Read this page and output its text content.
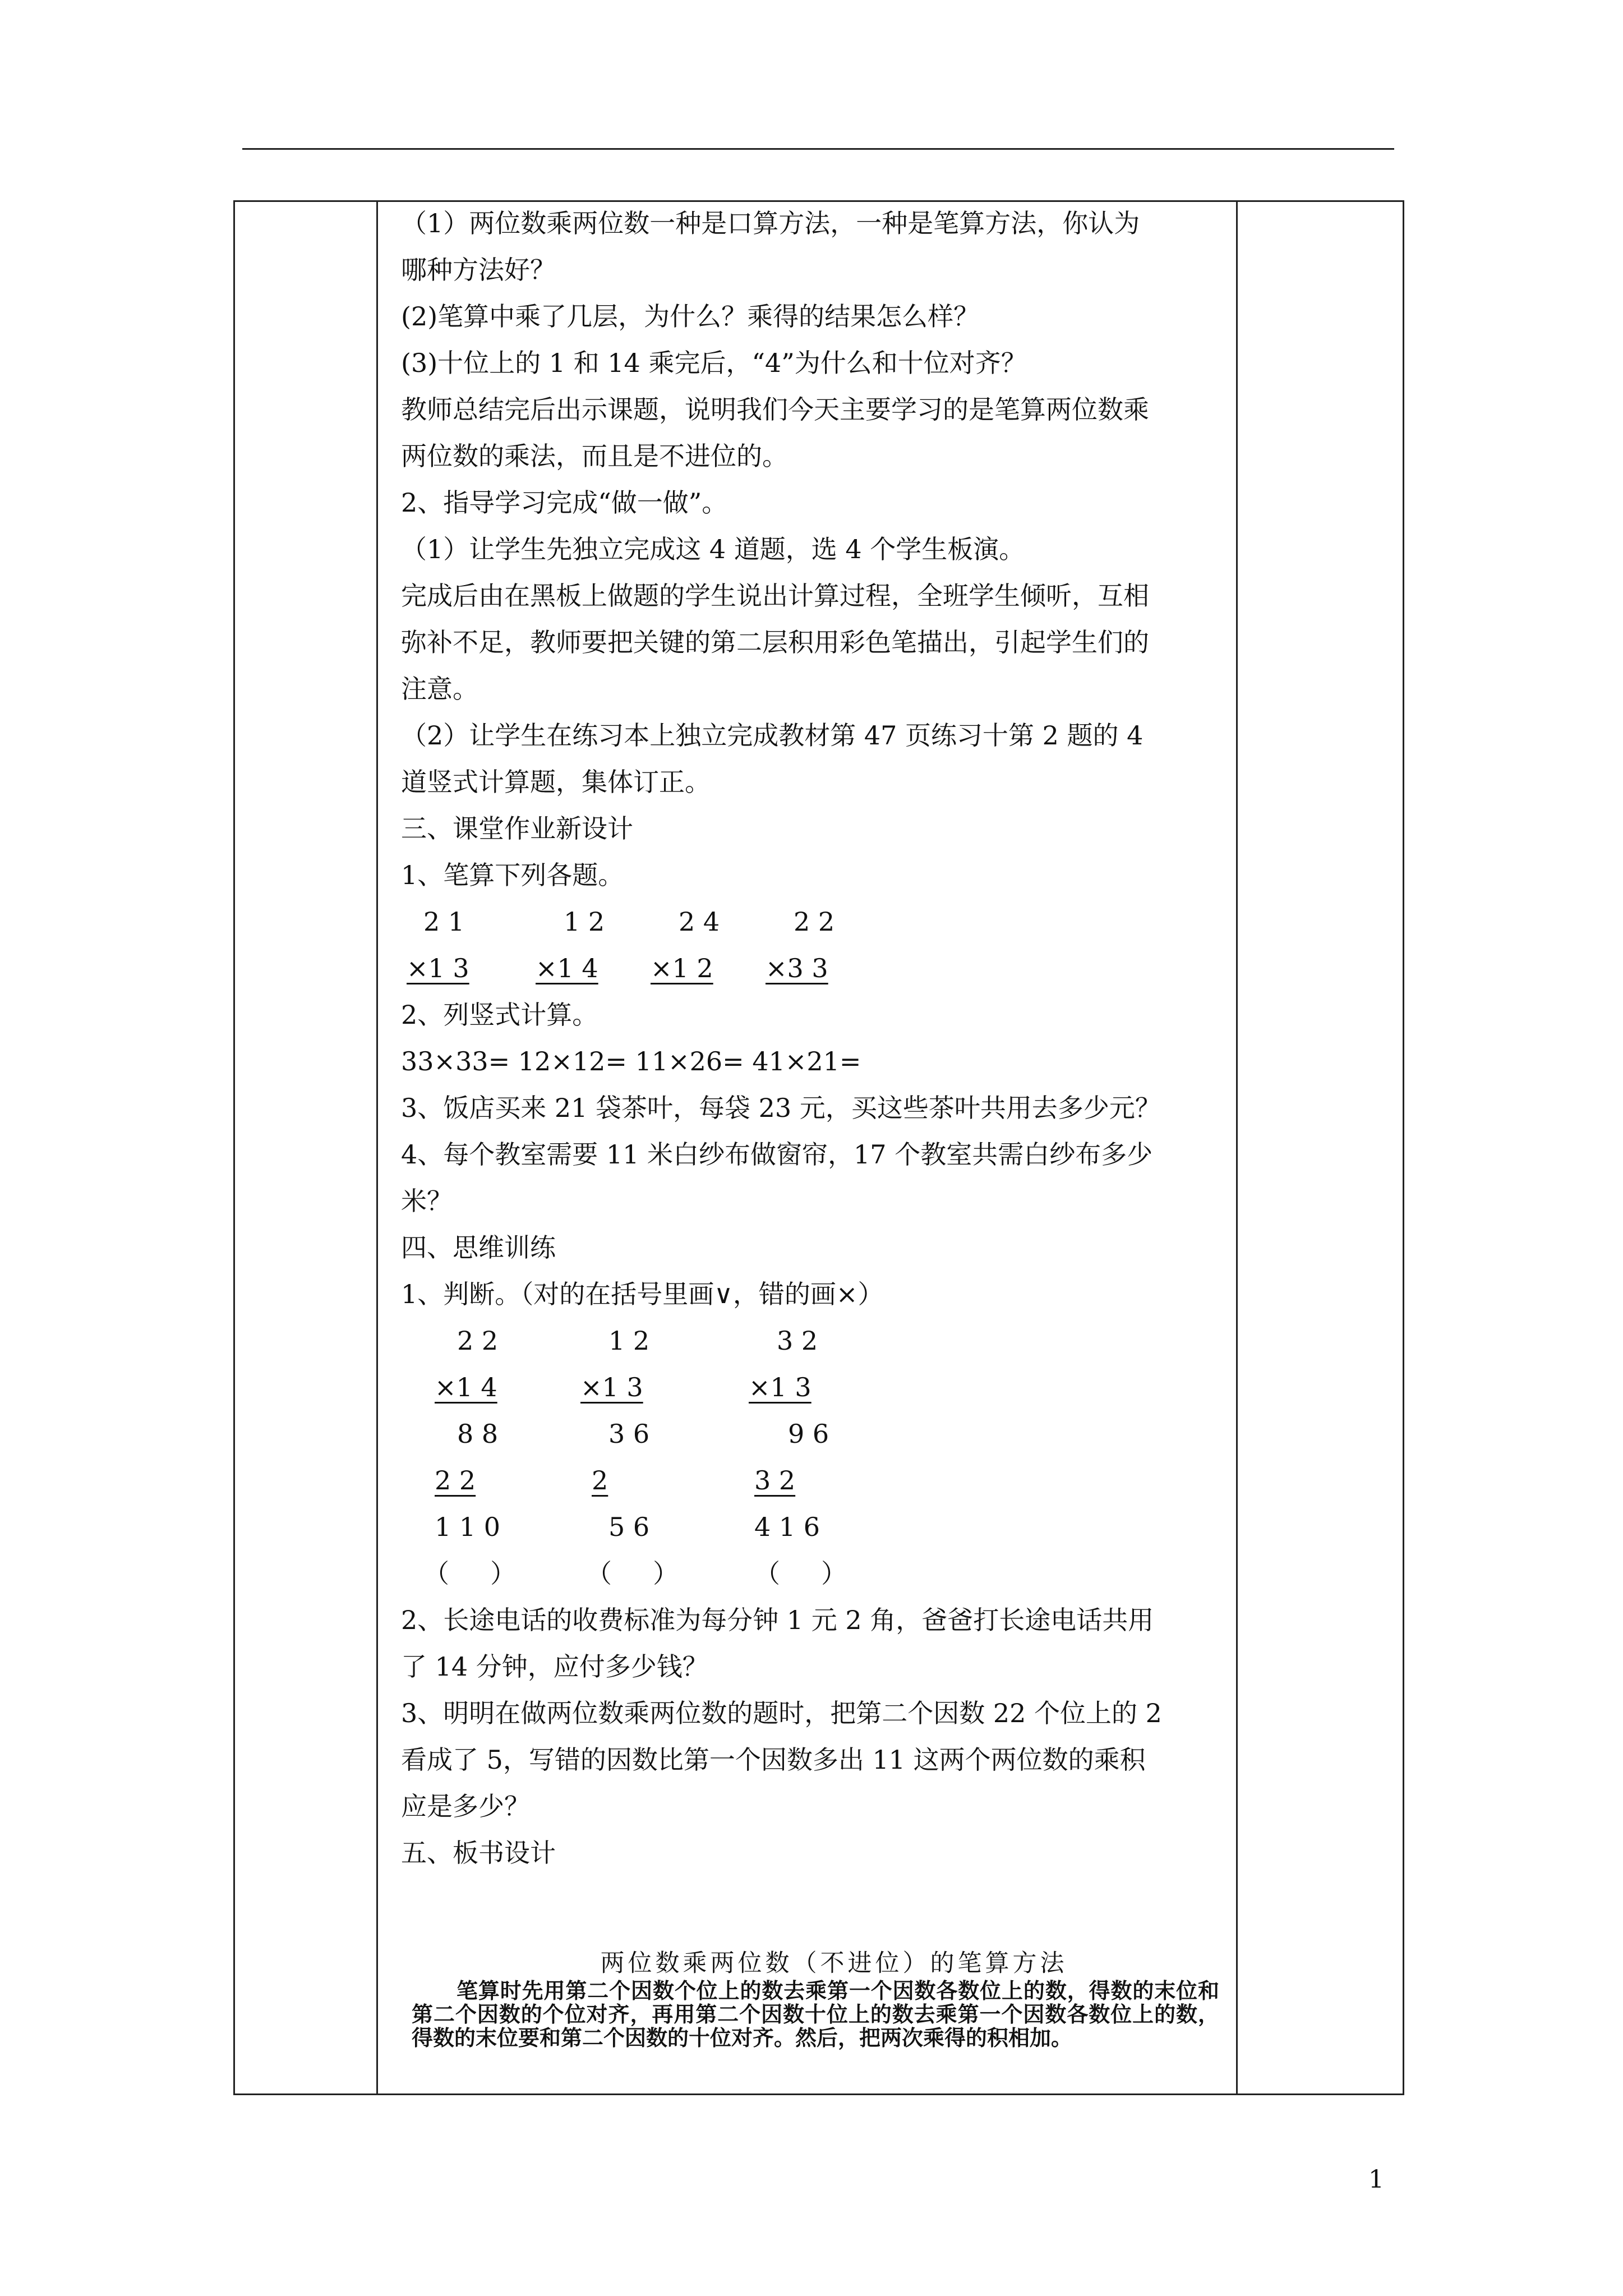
（1）两位数乘两位数一种是口算方法，一种是笔算方法，你认为
哪种方法好？
(2)笔算中乘了几层，为什么？乘得的结果怎么样？
(3)十位上的 1 和 14 乘完后，“4”为什么和十位对齐？
教师总结完后出示课题，说明我们今天主要学习的是笔算两位数乘
两位数的乘法，而且是不进位的。
2、指导学习完成“做一做”。
（1）让学生先独立完成这 4 道题，选 4 个学生板演。
完成后由在黑板上做题的学生说出计算过程，全班学生倾听，互相
弥补不足，教师要把关键的第二层积用彩色笔描出，引起学生们的
注意。
（2）让学生在练习本上独立完成教材第 47 页练习十第 2 题的 4
道竖式计算题，集体订正。
三、课堂作业新设计
1、笔算下列各题。
2 1	1 2	2 4	2 2
×1 3	×1 4 ×1 2 ×3 3
2、列竖式计算。
33×33= 12×12= 11×26= 41×21=
3、饭店买来 21 袋茶叶，每袋 23 元，买这些茶叶共用去多少元？
4、每个教室需要 11 米白纱布做窗帘，17 个教室共需白纱布多少
米？
四、思维训练
1、判断。（对的在括号里画∨，错的画×）
2 2	1 2	3 2
×1 4	×1 3	×1 3
8 8	3 6	9 6
2 2	2	3 2
1 1 0	5 6	4 1 6
（     ）	（     ）	（     ）
2、长途电话的收费标准为每分钟 1 元 2 角，爸爸打长途电话共用
了 14 分钟，应付多少钱？
3、明明在做两位数乘两位数的题时，把第二个因数 22 个位上的 2
看成了 5，写错的因数比第一个因数多出 11 这两个两位数的乘积
应是多少？
五、板书设计
两位数乘两位数（不进位）的笔算方法
笔算时先用第二个因数个位上的数去乘第一个因数各数位上的数，得数的末位和第二个因数的个位对齐，再用第二个因数十位上的数去乘第一个因数各数位上的数，得数的末位要和第二个因数的十位对齐。然后，把两次乘得的积相加。
1
